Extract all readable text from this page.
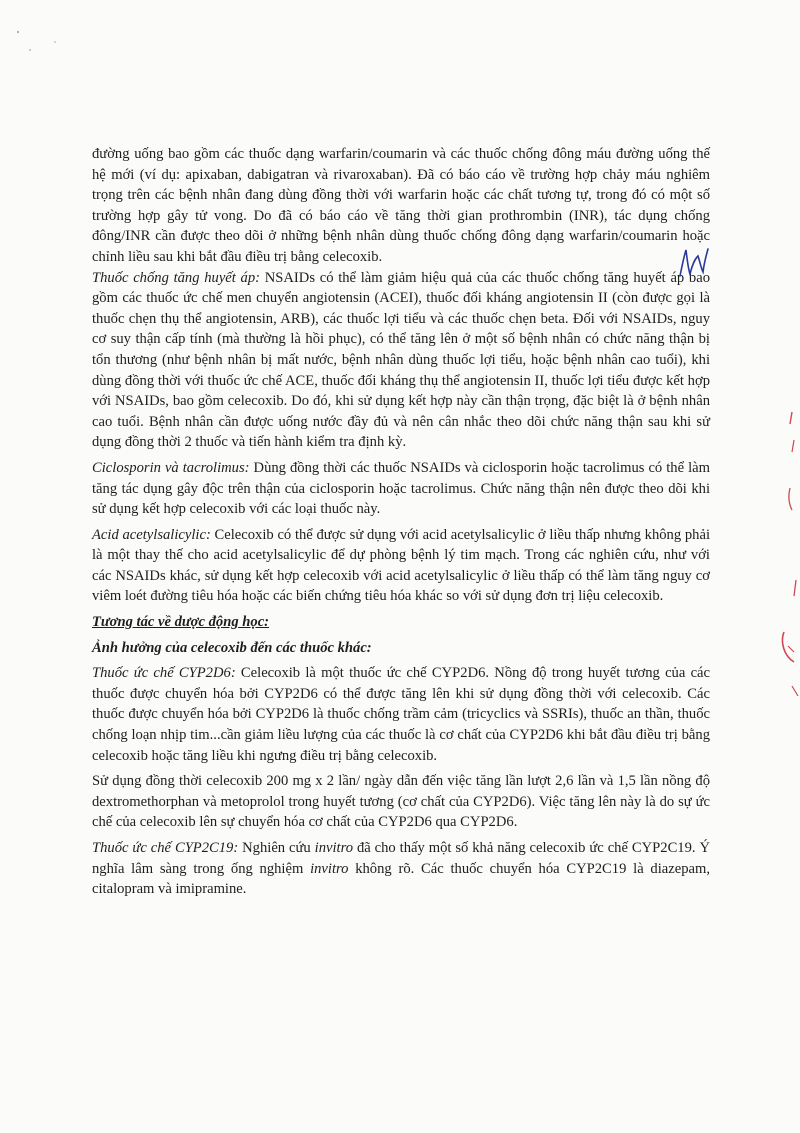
đường uống bao gồm các thuốc dạng warfarin/coumarin và các thuốc chống đông máu đường uống thế hệ mới (ví dụ: apixaban, dabigatran và rivaroxaban). Đã có báo cáo về trường hợp chảy máu nghiêm trọng trên các bệnh nhân đang dùng đồng thời với warfarin hoặc các chất tương tự, trong đó có một số trường hợp gây tử vong. Do đã có báo cáo về tăng thời gian prothrombin (INR), tác dụng chống đông/INR cần được theo dõi ở những bệnh nhân dùng thuốc chống đông dạng warfarin/coumarin hoặc chỉnh liều sau khi bắt đầu điều trị bằng celecoxib.

Thuốc chống tăng huyết áp: NSAIDs có thể làm giảm hiệu quả của các thuốc chống tăng huyết áp bao gồm các thuốc ức chế men chuyển angiotensin (ACEI), thuốc đối kháng angiotensin II (còn được gọi là thuốc chẹn thụ thể angiotensin, ARB), các thuốc lợi tiểu và các thuốc chẹn beta. Đối với NSAIDs, nguy cơ suy thận cấp tính (mà thường là hồi phục), có thể tăng lên ở một số bệnh nhân có chức năng thận bị tổn thương (như bệnh nhân bị mất nước, bệnh nhân dùng thuốc lợi tiểu, hoặc bệnh nhân cao tuổi), khi dùng đồng thời với thuốc ức chế ACE, thuốc đối kháng thụ thể angiotensin II, thuốc lợi tiểu được kết hợp với NSAIDs, bao gồm celecoxib. Do đó, khi sử dụng kết hợp này cần thận trọng, đặc biệt là ở bệnh nhân cao tuổi. Bệnh nhân cần được uống nước đầy đủ và nên cân nhắc theo dõi chức năng thận sau khi sử dụng đồng thời 2 thuốc và tiến hành kiểm tra định kỳ.

Ciclosporin và tacrolimus: Dùng đồng thời các thuốc NSAIDs và ciclosporin hoặc tacrolimus có thể làm tăng tác dụng gây độc trên thận của ciclosporin hoặc tacrolimus. Chức năng thận nên được theo dõi khi sử dụng kết hợp celecoxib với các loại thuốc này.

Acid acetylsalicylic: Celecoxib có thể được sử dụng với acid acetylsalicylic ở liều thấp nhưng không phải là một thay thế cho acid acetylsalicylic để dự phòng bệnh lý tim mạch. Trong các nghiên cứu, như với các NSAIDs khác, sử dụng kết hợp celecoxib với acid acetylsalicylic ở liều thấp có thể làm tăng nguy cơ viêm loét đường tiêu hóa hoặc các biến chứng tiêu hóa khác so với sử dụng đơn trị liệu celecoxib.

Tương tác về dược động học:

Ảnh hưởng của celecoxib đến các thuốc khác:

Thuốc ức chế CYP2D6: Celecoxib là một thuốc ức chế CYP2D6. Nồng độ trong huyết tương của các thuốc được chuyển hóa bởi CYP2D6 có thể được tăng lên khi sử dụng đồng thời với celecoxib. Các thuốc được chuyển hóa bởi CYP2D6 là thuốc chống trầm cảm (tricyclics và SSRIs), thuốc an thần, thuốc chống loạn nhịp tim...cần giảm liều lượng của các thuốc là cơ chất của CYP2D6 khi bắt đầu điều trị bằng celecoxib hoặc tăng liều khi ngưng điều trị bằng celecoxib.

Sử dụng đồng thời celecoxib 200 mg x 2 lần/ ngày dẫn đến việc tăng lần lượt 2,6 lần và 1,5 lần nồng độ dextromethorphan và metoprolol trong huyết tương (cơ chất của CYP2D6). Việc tăng lên này là do sự ức chế của celecoxib lên sự chuyển hóa cơ chất của CYP2D6 qua CYP2D6.

Thuốc ức chế CYP2C19: Nghiên cứu invitro đã cho thấy một số khả năng celecoxib ức chế CYP2C19. Ý nghĩa lâm sàng trong ống nghiệm invitro không rõ. Các thuốc chuyển hóa CYP2C19 là diazepam, citalopram và imipramine.
